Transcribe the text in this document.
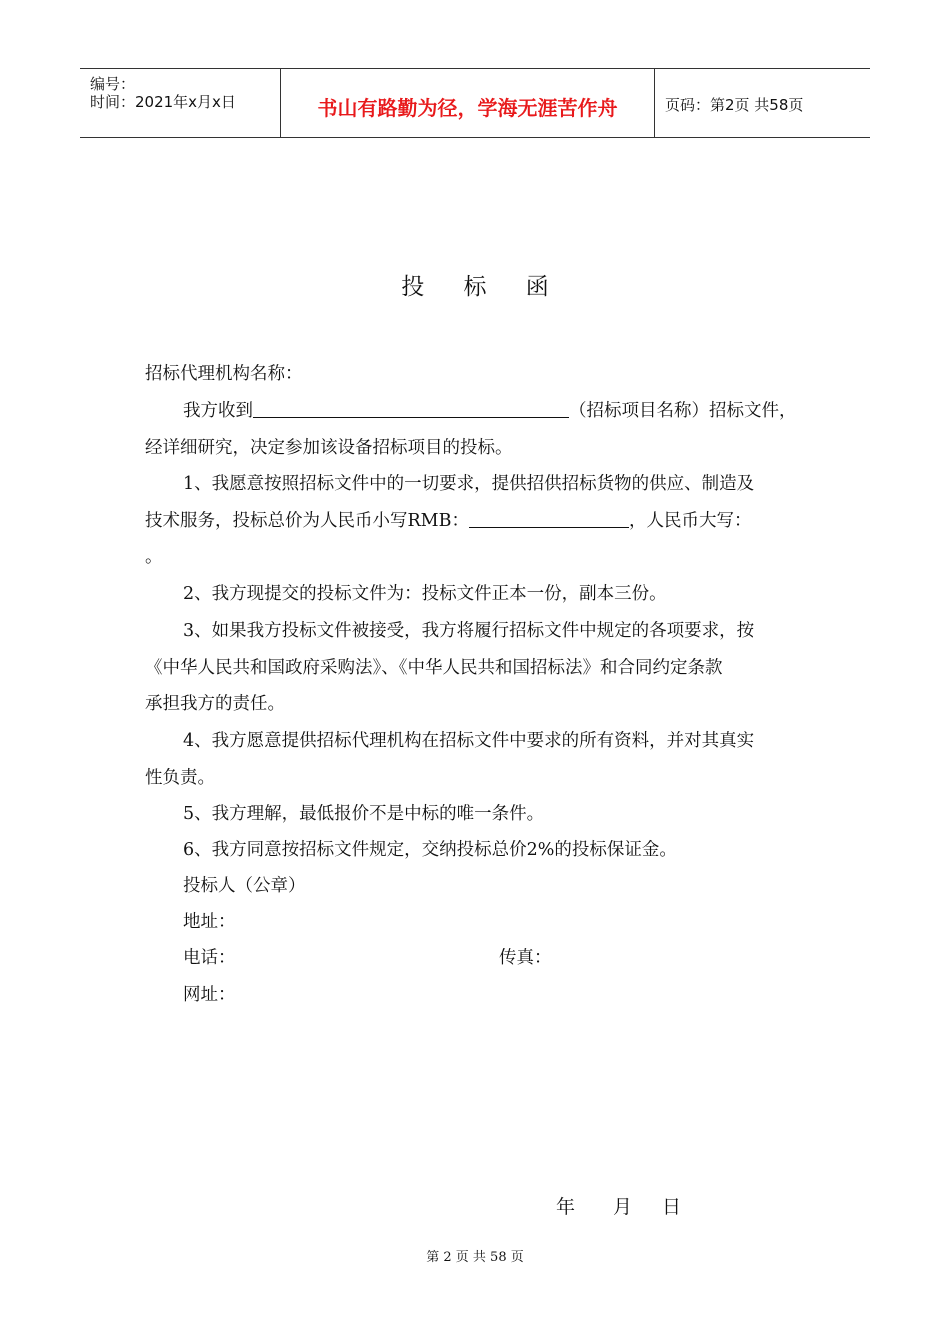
编号：
时间：2021年x月x日	书山有路勤为径，学海无涯苦作舟	页码：第2页 共58页
投 标 函
招标代理机构名称：
我方收到	（招标项目名称）招标文件，
经详细研究，决定参加该设备招标项目的投标。
1、我愿意按照招标文件中的一切要求，提供招供招标货物的供应、制造及
技术服务，投标总价为人民币小写RMB：	，人民币大写：
。
2、我方现提交的投标文件为：投标文件正本一份，副本三份。
3、如果我方投标文件被接受，我方将履行招标文件中规定的各项要求，按
《中华人民共和国政府采购法》、《中华人民共和国招标法》和合同约定条款
承担我方的责任。
4、我方愿意提供招标代理机构在招标文件中要求的所有资料，并对其真实
性负责。
5、我方理解，最低报价不是中标的唯一条件。
6、我方同意按招标文件规定，交纳投标总价2%的投标保证金。
投标人（公章）
地址：
电话：	传真：
网址：
年 月 日
第 2 页 共 58 页
